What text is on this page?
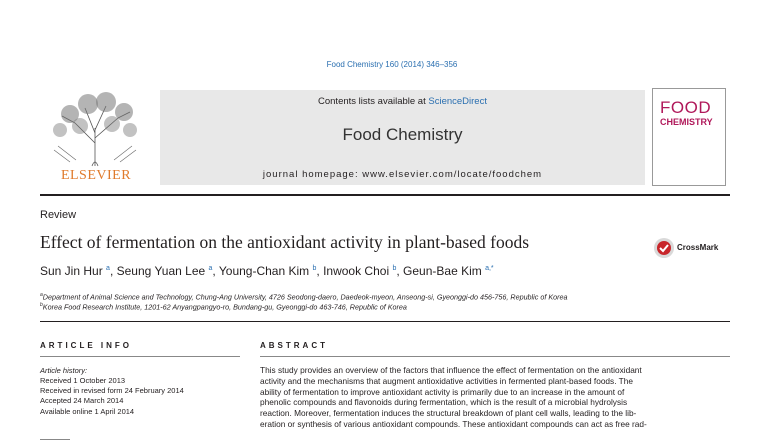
Food Chemistry 160 (2014) 346–356
ELSEVIER
Contents lists available at ScienceDirect
Food Chemistry
journal homepage: www.elsevier.com/locate/foodchem
FOOD
CHEMISTRY
Review
Effect of fermentation on the antioxidant activity in plant-based foods	CrossMark
Sun Jin Hur $^a$, Seung Yuan Lee $^a$, Young-Chan Kim $^b$, Inwook Choi $^b$, Geun-Bae Kim $^{a,*}$
$^a$Department of Animal Science and Technology, Chung-Ang University, 4726 Seodong-daero, Daedeok-myeon, Anseong-si, Gyeonggi-do 456-756, Republic of Korea
$^b$Korea Food Research Institute, 1201-62 Anyangpangyo-ro, Bundang-gu, Gyeonggi-do 463-746, Republic of Korea
ARTICLE INFO
Article history:
Received 1 October 2013
Received in revised form 24 February 2014
Accepted 24 March 2014
Available online 1 April 2014
ABSTRACT
This study provides an overview of the factors that influence the effect of fermentation on the antioxidant
activity and the mechanisms that augment antioxidative activities in fermented plant-based foods. The
ability of fermentation to improve antioxidant activity is primarily due to an increase in the amount of
phenolic compounds and flavonoids during fermentation, which is the result of a microbial hydrolysis
reaction. Moreover, fermentation induces the structural breakdown of plant cell walls, leading to the lib-
eration or synthesis of various antioxidant compounds. These antioxidant compounds can act as free rad-
